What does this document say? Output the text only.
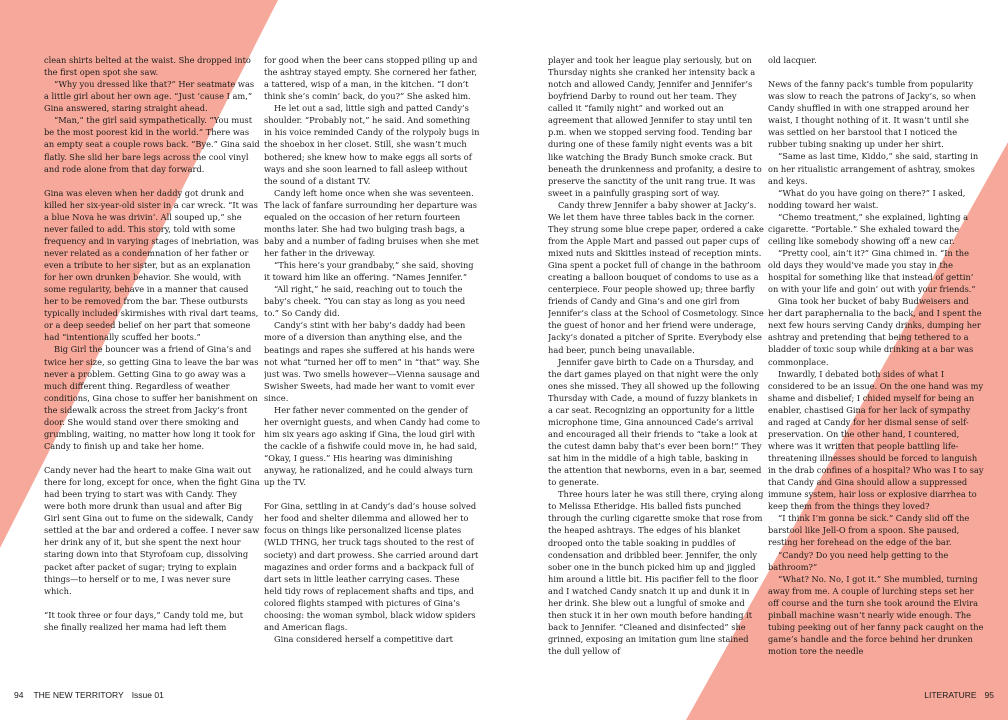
clean shirts belted at the waist. She dropped into the first open spot she saw.

“Why you dressed like that?” Her seatmate was a little girl about her own age. “Just ’cause I am,” Gina answered, staring straight ahead.

“Man,” the girl said sympathetically. “You must be the most poorest kid in the world.” There was an empty seat a couple rows back. “Bye.” Gina said flatly. She slid her bare legs across the cool vinyl and rode alone from that day forward.

Gina was eleven when her daddy got drunk and killed her six-year-old sister in a car wreck. “It was a blue Nova he was drivin’. All souped up,” she never failed to add. This story, told with some frequency and in varying stages of inebriation, was never related as a condemnation of her father or even a tribute to her sister, but as an explanation for her own drunken behavior. She would, with some regularity, behave in a manner that caused her to be removed from the bar. These outbursts typically included skirmishes with rival dart teams, or a deep seeded belief on her part that someone had “intentionally scuffed her boots.”

Big Girl the bouncer was a friend of Gina’s and twice her size, so getting Gina to leave the bar was never a problem. Getting Gina to go away was a much different thing. Regardless of weather conditions, Gina chose to suffer her banishment on the sidewalk across the street from Jacky’s front door. She would stand over there smoking and grumbling, waiting, no matter how long it took for Candy to finish up and take her home.

Candy never had the heart to make Gina wait out there for long, except for once, when the fight Gina had been trying to start was with Candy. They were both more drunk than usual and after Big Girl sent Gina out to fume on the sidewalk, Candy settled at the bar and ordered a coffee. I never saw her drink any of it, but she spent the next hour staring down into that Styrofoam cup, dissolving packet after packet of sugar; trying to explain things—to herself or to me, I was never sure which.

“It took three or four days,” Candy told me, but she finally realized her mama had left them

for good when the beer cans stopped piling up and the ashtray stayed empty. She cornered her father, a tattered, wisp of a man, in the kitchen. “I don’t think she’s comin’ back, do you?” She asked him.

He let out a sad, little sigh and patted Candy’s shoulder. “Probably not,” he said. And something in his voice reminded Candy of the rolypoly bugs in the shoebox in her closet. Still, she wasn’t much bothered; she knew how to make eggs all sorts of ways and she soon learned to fall asleep without the sound of a distant TV.

Candy left home once when she was seventeen. The lack of fanfare surrounding her departure was equaled on the occasion of her return fourteen months later. She had two bulging trash bags, a baby and a number of fading bruises when she met her father in the driveway.

“This here’s your grandbaby,” she said, shoving it toward him like an offering. “Names Jennifer.”

“All right,” he said, reaching out to touch the baby’s cheek. “You can stay as long as you need to.” So Candy did.

Candy’s stint with her baby’s daddy had been more of a diversion than anything else, and the beatings and rapes she suffered at his hands were not what “turned her off to men” in “that” way. She just was. Two smells however—Vienna sausage and Swisher Sweets, had made her want to vomit ever since.

Her father never commented on the gender of her overnight guests, and when Candy had come to him six years ago asking if Gina, the loud girl with the cackle of a fishwife could move in, he had said, “Okay, I guess.” His hearing was diminishing anyway, he rationalized, and he could always turn up the TV.

For Gina, settling in at Candy’s dad’s house solved her food and shelter dilemma and allowed her to focus on things like personalized license plates (WLD THNG, her truck tags shouted to the rest of society) and dart prowess. She carried around dart magazines and order forms and a backpack full of dart sets in little leather carrying cases. These held tidy rows of replacement shafts and tips, and colored flights stamped with pictures of Gina’s choosing: the woman symbol, black widow spiders and American flags.

Gina considered herself a competitive dart

player and took her league play seriously, but on Thursday nights she cranked her intensity back a notch and allowed Candy, Jennifer and Jennifer’s boyfriend Darby to round out her team. They called it “family night” and worked out an agreement that allowed Jennifer to stay until ten p.m. when we stopped serving food. Tending bar during one of these family night events was a bit like watching the Brady Bunch smoke crack. But beneath the drunkenness and profanity, a desire to preserve the sanctity of the unit rang true. It was sweet in a painfully grasping sort of way.

Candy threw Jennifer a baby shower at Jacky’s. We let them have three tables back in the corner. They strung some blue crepe paper, ordered a cake from the Apple Mart and passed out paper cups of mixed nuts and Skittles instead of reception mints. Gina spent a pocket full of change in the bathroom creating a balloon bouquet of condoms to use as a centerpiece. Four people showed up; three barfly friends of Candy and Gina’s and one girl from Jennifer’s class at the School of Cosmetology. Since the guest of honor and her friend were underage, Jacky’s donated a pitcher of Sprite. Everybody else had beer, punch being unavailable.

Jennifer gave birth to Cade on a Thursday, and the dart games played on that night were the only ones she missed. They all showed up the following Thursday with Cade, a mound of fuzzy blankets in a car seat. Recognizing an opportunity for a little microphone time, Gina announced Cade’s arrival and encouraged all their friends to “take a look at the cutest damn baby that’s ever been born!” They sat him in the middle of a high table, basking in the attention that newborns, even in a bar, seemed to generate.

Three hours later he was still there, crying along to Melissa Etheridge. His balled fists punched through the curling cigarette smoke that rose from the heaped ashtrays. The edges of his blanket drooped onto the table soaking in puddles of condensation and dribbled beer. Jennifer, the only sober one in the bunch picked him up and jiggled him around a little bit. His pacifier fell to the floor and I watched Candy snatch it up and dunk it in her drink. She blew out a lungful of smoke and then stuck it in her own mouth before handing it back to Jennifer. “Cleaned and disinfected” she grinned, exposing an imitation gum line stained the dull yellow of

old lacquer.

News of the fanny pack’s tumble from popularity was slow to reach the patrons of Jacky’s, so when Candy shuffled in with one strapped around her waist, I thought nothing of it. It wasn’t until she was settled on her barstool that I noticed the rubber tubing snaking up under her shirt.

“Same as last time, Kiddo,” she said, starting in on her ritualistic arrangement of ashtray, smokes and keys.

“What do you have going on there?” I asked, nodding toward her waist.

“Chemo treatment,” she explained, lighting a cigarette. “Portable.” She exhaled toward the ceiling like somebody showing off a new car.

“Pretty cool, ain’t it?” Gina chimed in. “In the old days they would’ve made you stay in the hospital for something like that instead of gettin’ on with your life and goin’ out with your friends.”

Gina took her bucket of baby Budweisers and her dart paraphernalia to the back, and I spent the next few hours serving Candy drinks, dumping her ashtray and pretending that being tethered to a bladder of toxic soup while drinking at a bar was commonplace.

Inwardly, I debated both sides of what I considered to be an issue. On the one hand was my shame and disbelief; I chided myself for being an enabler, chastised Gina for her lack of sympathy and raged at Candy for her dismal sense of self-preservation. On the other hand, I countered, where was it written that people battling life-threatening illnesses should be forced to languish in the drab confines of a hospital? Who was I to say that Candy and Gina should allow a suppressed immune system, hair loss or explosive diarrhea to keep them from the things they loved?

“I think I’m gonna be sick.” Candy slid off the barstool like Jell-O from a spoon. She paused, resting her forehead on the edge of the bar.

“Candy? Do you need help getting to the bathroom?”

“What? No. No, I got it.” She mumbled, turning away from me. A couple of lurching steps set her off course and the turn she took around the Elvira pinball machine wasn’t nearly wide enough. The tubing peeking out of her fanny pack caught on the game’s handle and the force behind her drunken motion tore the needle

94 THE NEW TERRITORY Issue 01	LITERATURE 95
